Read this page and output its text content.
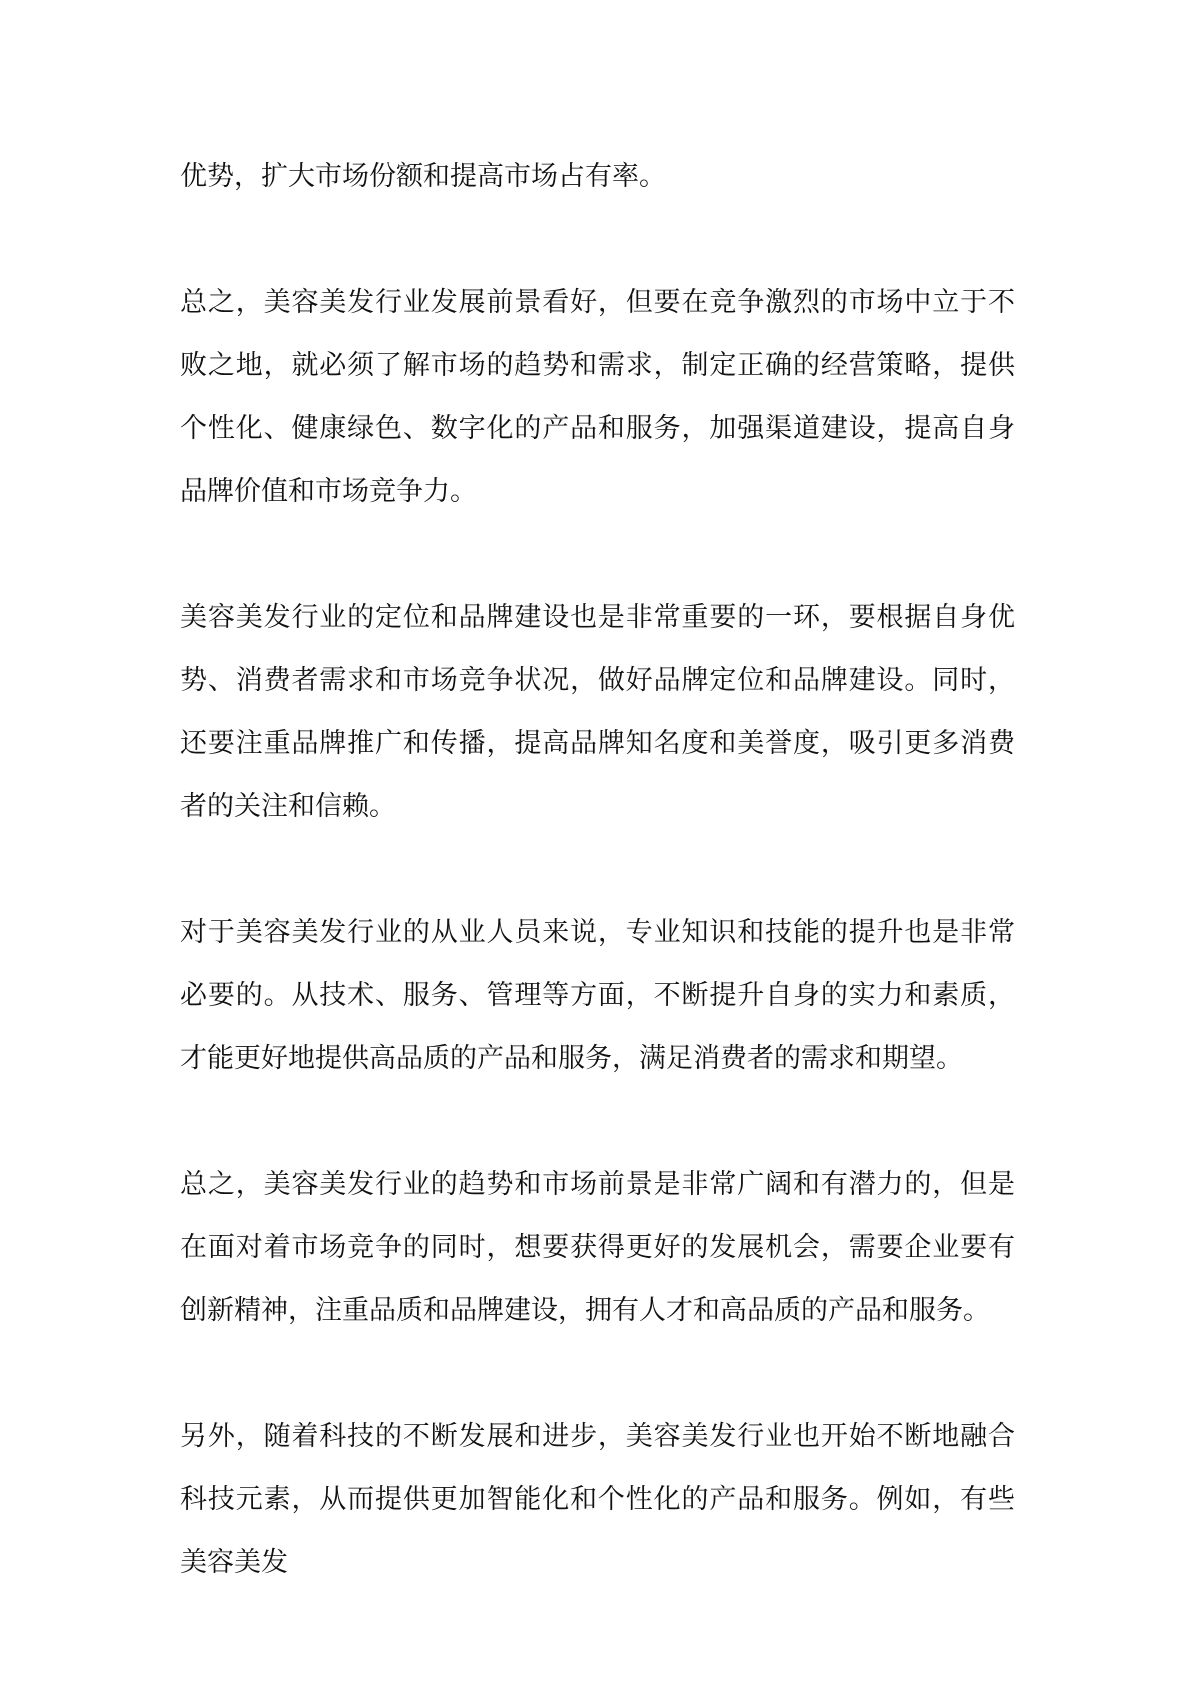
优势，扩大市场份额和提高市场占有率。

总之，美容美发行业发展前景看好，但要在竞争激烈的市场中立于不败之地，就必须了解市场的趋势和需求，制定正确的经营策略，提供个性化、健康绿色、数字化的产品和服务，加强渠道建设，提高自身品牌价值和市场竞争力。

美容美发行业的定位和品牌建设也是非常重要的一环，要根据自身优势、消费者需求和市场竞争状况，做好品牌定位和品牌建设。同时，还要注重品牌推广和传播，提高品牌知名度和美誉度，吸引更多消费者的关注和信赖。

对于美容美发行业的从业人员来说，专业知识和技能的提升也是非常必要的。从技术、服务、管理等方面，不断提升自身的实力和素质，才能更好地提供高品质的产品和服务，满足消费者的需求和期望。

总之，美容美发行业的趋势和市场前景是非常广阔和有潜力的，但是在面对着市场竞争的同时，想要获得更好的发展机会，需要企业要有创新精神，注重品质和品牌建设，拥有人才和高品质的产品和服务。

另外，随着科技的不断发展和进步，美容美发行业也开始不断地融合科技元素，从而提供更加智能化和个性化的产品和服务。例如，有些美容美发
